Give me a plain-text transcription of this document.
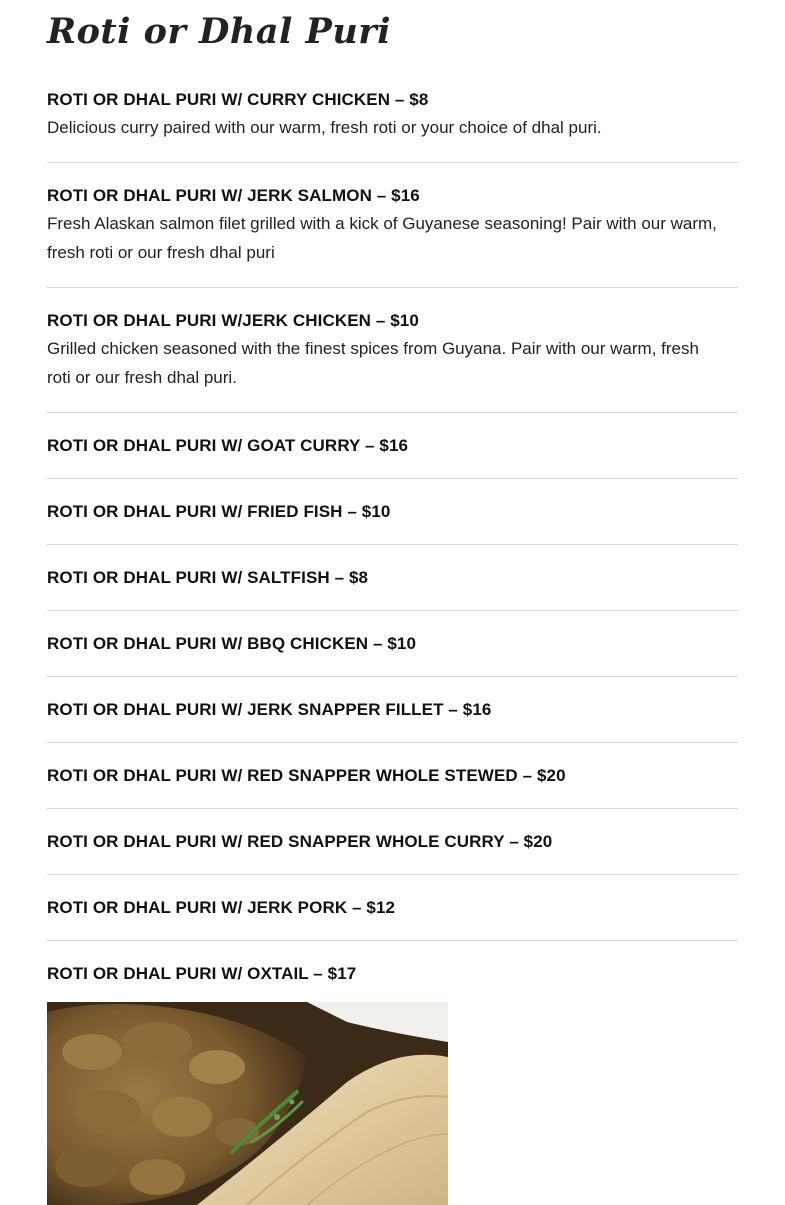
Roti or Dhal Puri

ROTI OR DHAL PURI W/ CURRY CHICKEN – $8

Delicious curry paired with our warm, fresh roti or your choice of dhal puri.

ROTI OR DHAL PURI W/ JERK SALMON – $16

Fresh Alaskan salmon filet grilled with a kick of Guyanese seasoning! Pair with our warm, fresh roti or our fresh dhal puri

ROTI OR DHAL PURI W/JERK CHICKEN – $10

Grilled chicken seasoned with the finest spices from Guyana. Pair with our warm, fresh roti or our fresh dhal puri.

ROTI OR DHAL PURI W/ GOAT CURRY – $16

ROTI OR DHAL PURI W/ FRIED FISH – $10

ROTI OR DHAL PURI W/ SALTFISH – $8

ROTI OR DHAL PURI W/ BBQ CHICKEN – $10

ROTI OR DHAL PURI W/ JERK SNAPPER FILLET – $16

ROTI OR DHAL PURI W/ RED SNAPPER WHOLE STEWED – $20

ROTI OR DHAL PURI W/ RED SNAPPER WHOLE CURRY – $20

ROTI OR DHAL PURI W/ JERK PORK – $12

ROTI OR DHAL PURI W/ OXTAIL – $17
